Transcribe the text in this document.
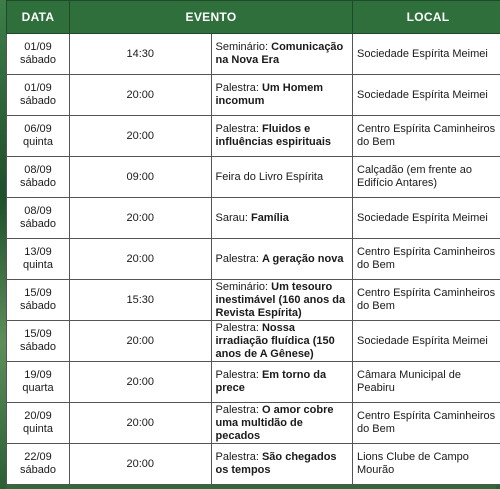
DATA	EVENTO		LOCAL

01/09
sábado	14:30	Seminário: Comunicação na Nova Era	Sociedade Espírita Meimei

01/09
sábado	20:00	Palestra: Um Homem incomum	Sociedade Espírita Meimei

06/09
quinta	20:00	Palestra: Fluidos e influências espirituais	Centro Espírita Caminheiros do Bem

08/09
sábado	09:00	Feira do Livro Espírita	Calçadão (em frente ao Edifício Antares)

08/09
sábado	20:00	Sarau: Família	Sociedade Espírita Meimei

13/09
quinta	20:00	Palestra: A geração nova	Centro Espírita Caminheiros do Bem

15/09
sábado	15:30	Seminário: Um tesouro inestimável (160 anos da Revista Espírita)	Centro Espírita Caminheiros do Bem

15/09
sábado	20:00	Palestra: Nossa irradiação fluídica (150 anos de A Gênese)	Sociedade Espírita Meimei

19/09
quarta	20:00	Palestra: Em torno da prece	Câmara Municipal de Peabiru

20/09
quinta	20:00	Palestra: O amor cobre uma multidão de pecados	Centro Espírita Caminheiros do Bem

22/09
sábado	20:00	Palestra: São chegados os tempos	Lions Clube de Campo Mourão
